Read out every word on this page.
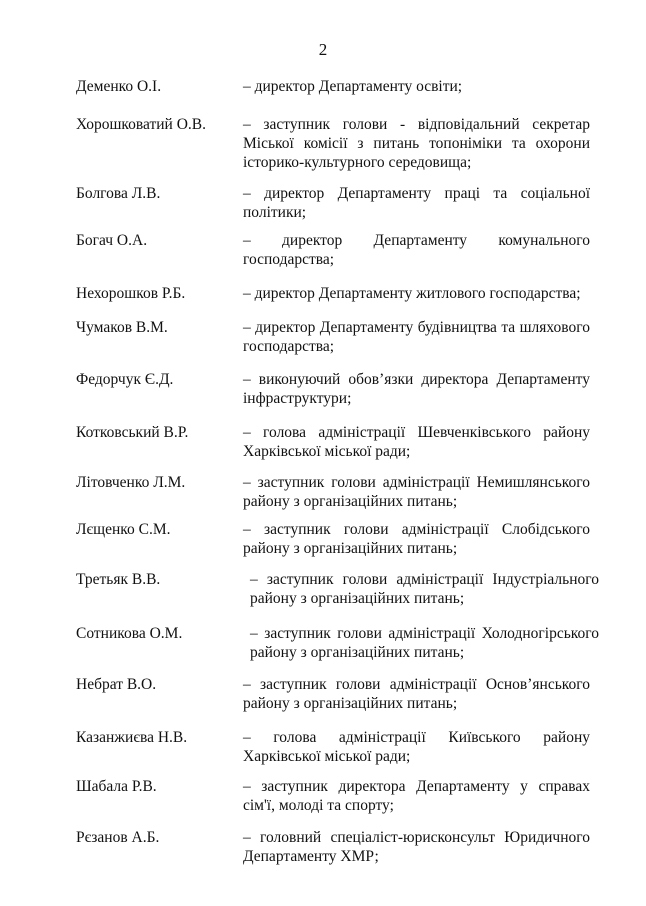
2
Деменко О.І.	– директор Департаменту освіти;
Хорошковатий О.В. – заступник голови - відповідальний секретар Міської комісії з питань топоніміки та охорони історико-культурного середовища;
Болгова Л.В.	– директор Департаменту праці та соціальної політики;
Богач О.А.	– директор Департаменту комунального господарства;
Нехорошков Р.Б.	– директор Департаменту житлового господарства;
Чумаков В.М.	– директор Департаменту будівництва та шляхового господарства;
Федорчук Є.Д.	– виконуючий обов’язки директора Департаменту інфраструктури;
Котковський В.Р.	– голова адміністрації Шевченківського району Харківської міської ради;
Літовченко Л.М.	– заступник голови адміністрації Немишлянського району з організаційних питань;
Лєщенко С.М.	– заступник голови адміністрації Слобідського району з організаційних питань;
Третьяк В.В.	– заступник голови адміністрації Індустріального району з організаційних питань;
Сотникова О.М.	– заступник голови адміністрації Холодногірського району з організаційних питань;
Небрат В.О.	– заступник голови адміністрації Основ’янського району з організаційних питань;
Казанжиєва Н.В.	– голова адміністрації Київського району Харківської міської ради;
Шабала Р.В.	– заступник директора Департаменту у справах сім'ї, молоді та спорту;
Рєзанов А.Б.	– головний спеціаліст-юрисконсульт Юридичного Департаменту ХМР;
